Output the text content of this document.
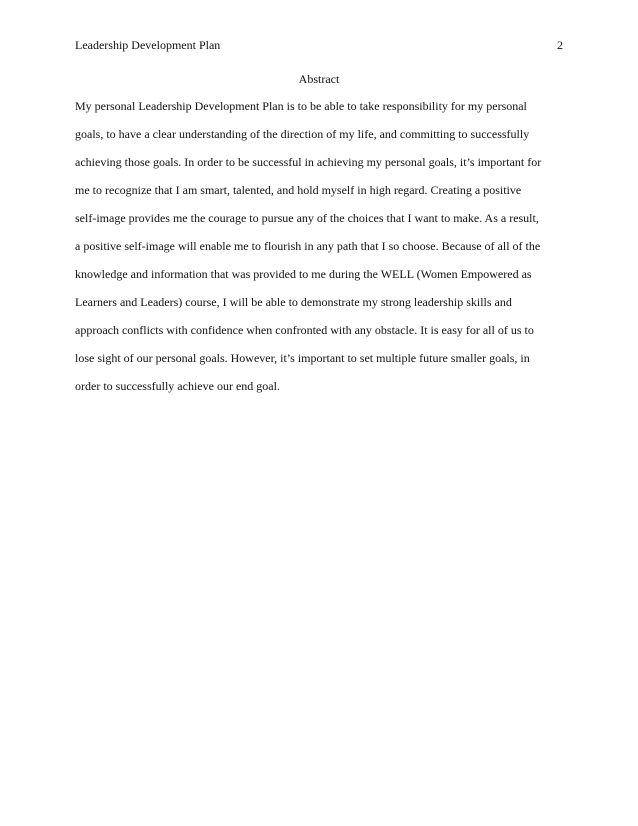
Leadership Development Plan	2
Abstract
My personal Leadership Development Plan is to be able to take responsibility for my personal
goals, to have a clear understanding of the direction of my life, and committing to successfully
achieving those goals. In order to be successful in achieving my personal goals, it’s important for
me to recognize that I am smart, talented, and hold myself in high regard. Creating a positive
self-image provides me the courage to pursue any of the choices that I want to make. As a result,
a positive self-image will enable me to flourish in any path that I so choose. Because of all of the
knowledge and information that was provided to me during the WELL (Women Empowered as
Learners and Leaders) course, I will be able to demonstrate my strong leadership skills and
approach conflicts with confidence when confronted with any obstacle. It is easy for all of us to
lose sight of our personal goals. However, it’s important to set multiple future smaller goals, in
order to successfully achieve our end goal.
